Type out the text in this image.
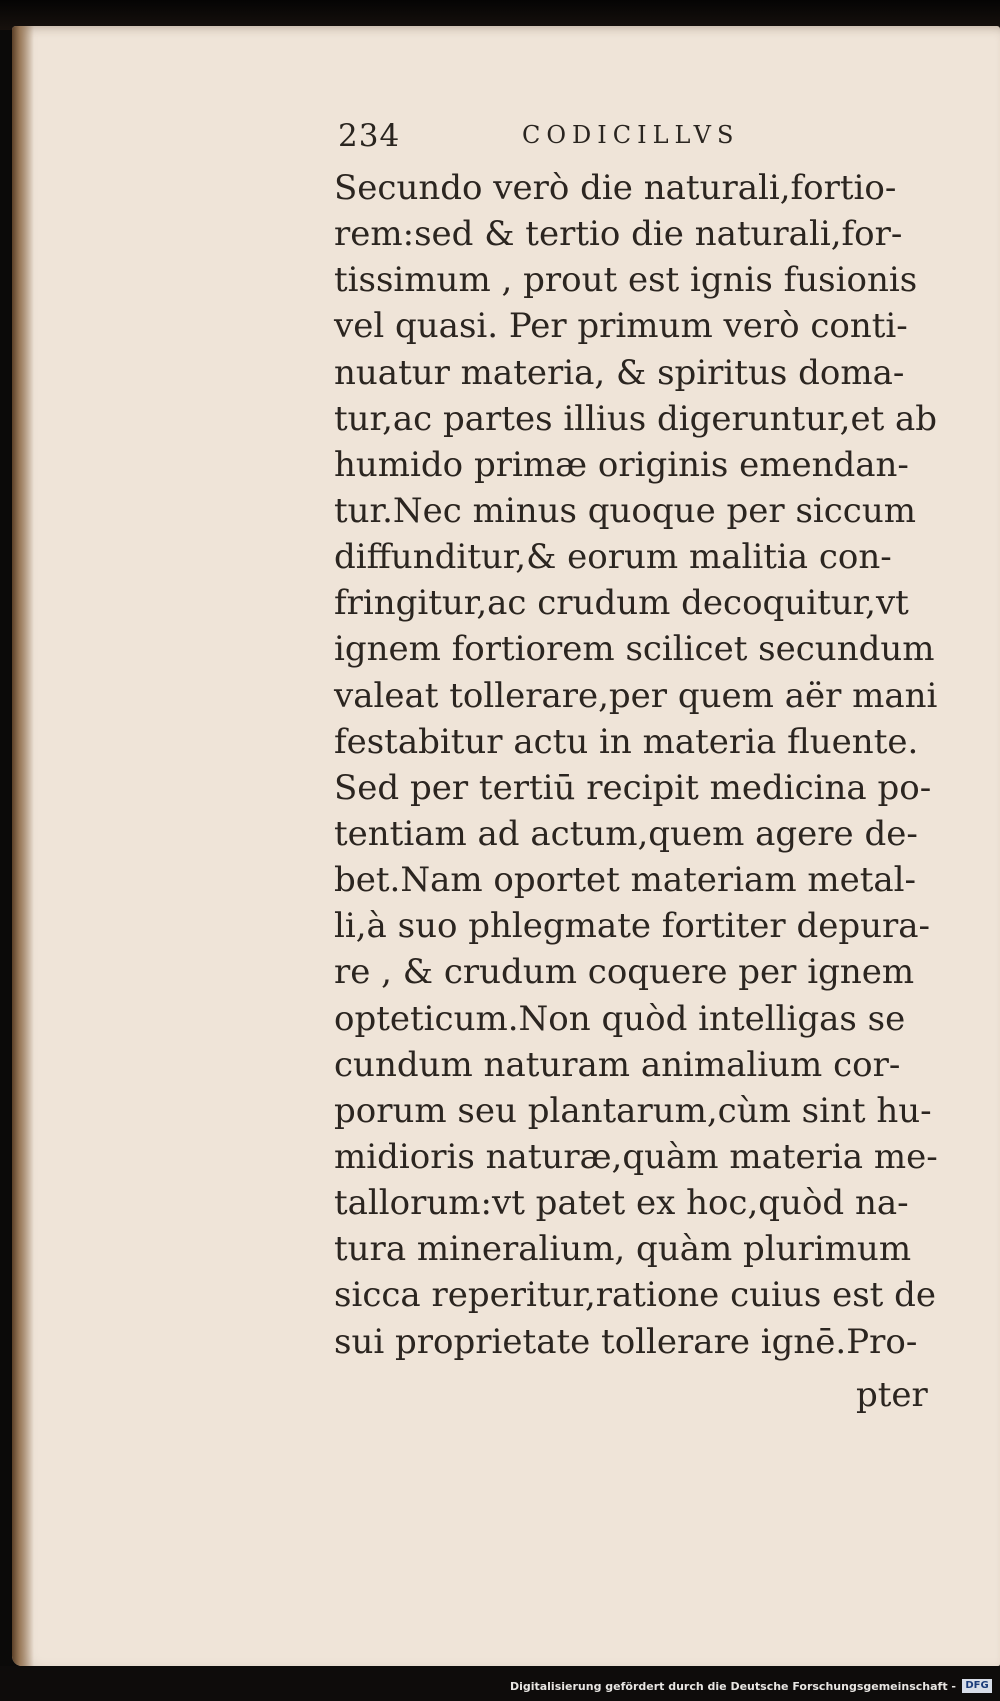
234	CODICILLVS
Secundo verò die naturali,fortio-
rem:sed & tertio die naturali,for-
tissimum , prout est ignis fusionis
vel quasi. Per primum verò conti-
nuatur materia, & spiritus doma-
tur,ac partes illius digeruntur,et ab
humido primæ originis emendan-
tur.Nec minus quoque per siccum
diffunditur,& eorum malitia con-
fringitur,ac crudum decoquitur,vt
ignem fortiorem scilicet secundum
valeat tollerare,per quem aër mani
festabitur actu in materia fluente.
Sed per tertiū recipit medicina po-
tentiam ad actum,quem agere de-
bet.Nam oportet materiam metal-
li,à suo phlegmate fortiter depura-
re , & crudum coquere per ignem
opteticum.Non quòd intelligas se
cundum naturam animalium cor-
porum seu plantarum,cùm sint hu-
midioris naturæ,quàm materia me-
tallorum:vt patet ex hoc,quòd na-
tura mineralium, quàm plurimum
sicca reperitur,ratione cuius est de
sui proprietate tollerare ignē.Pro-
pter
Digitalisierung gefördert durch die Deutsche Forschungsgemeinschaft - DFG
